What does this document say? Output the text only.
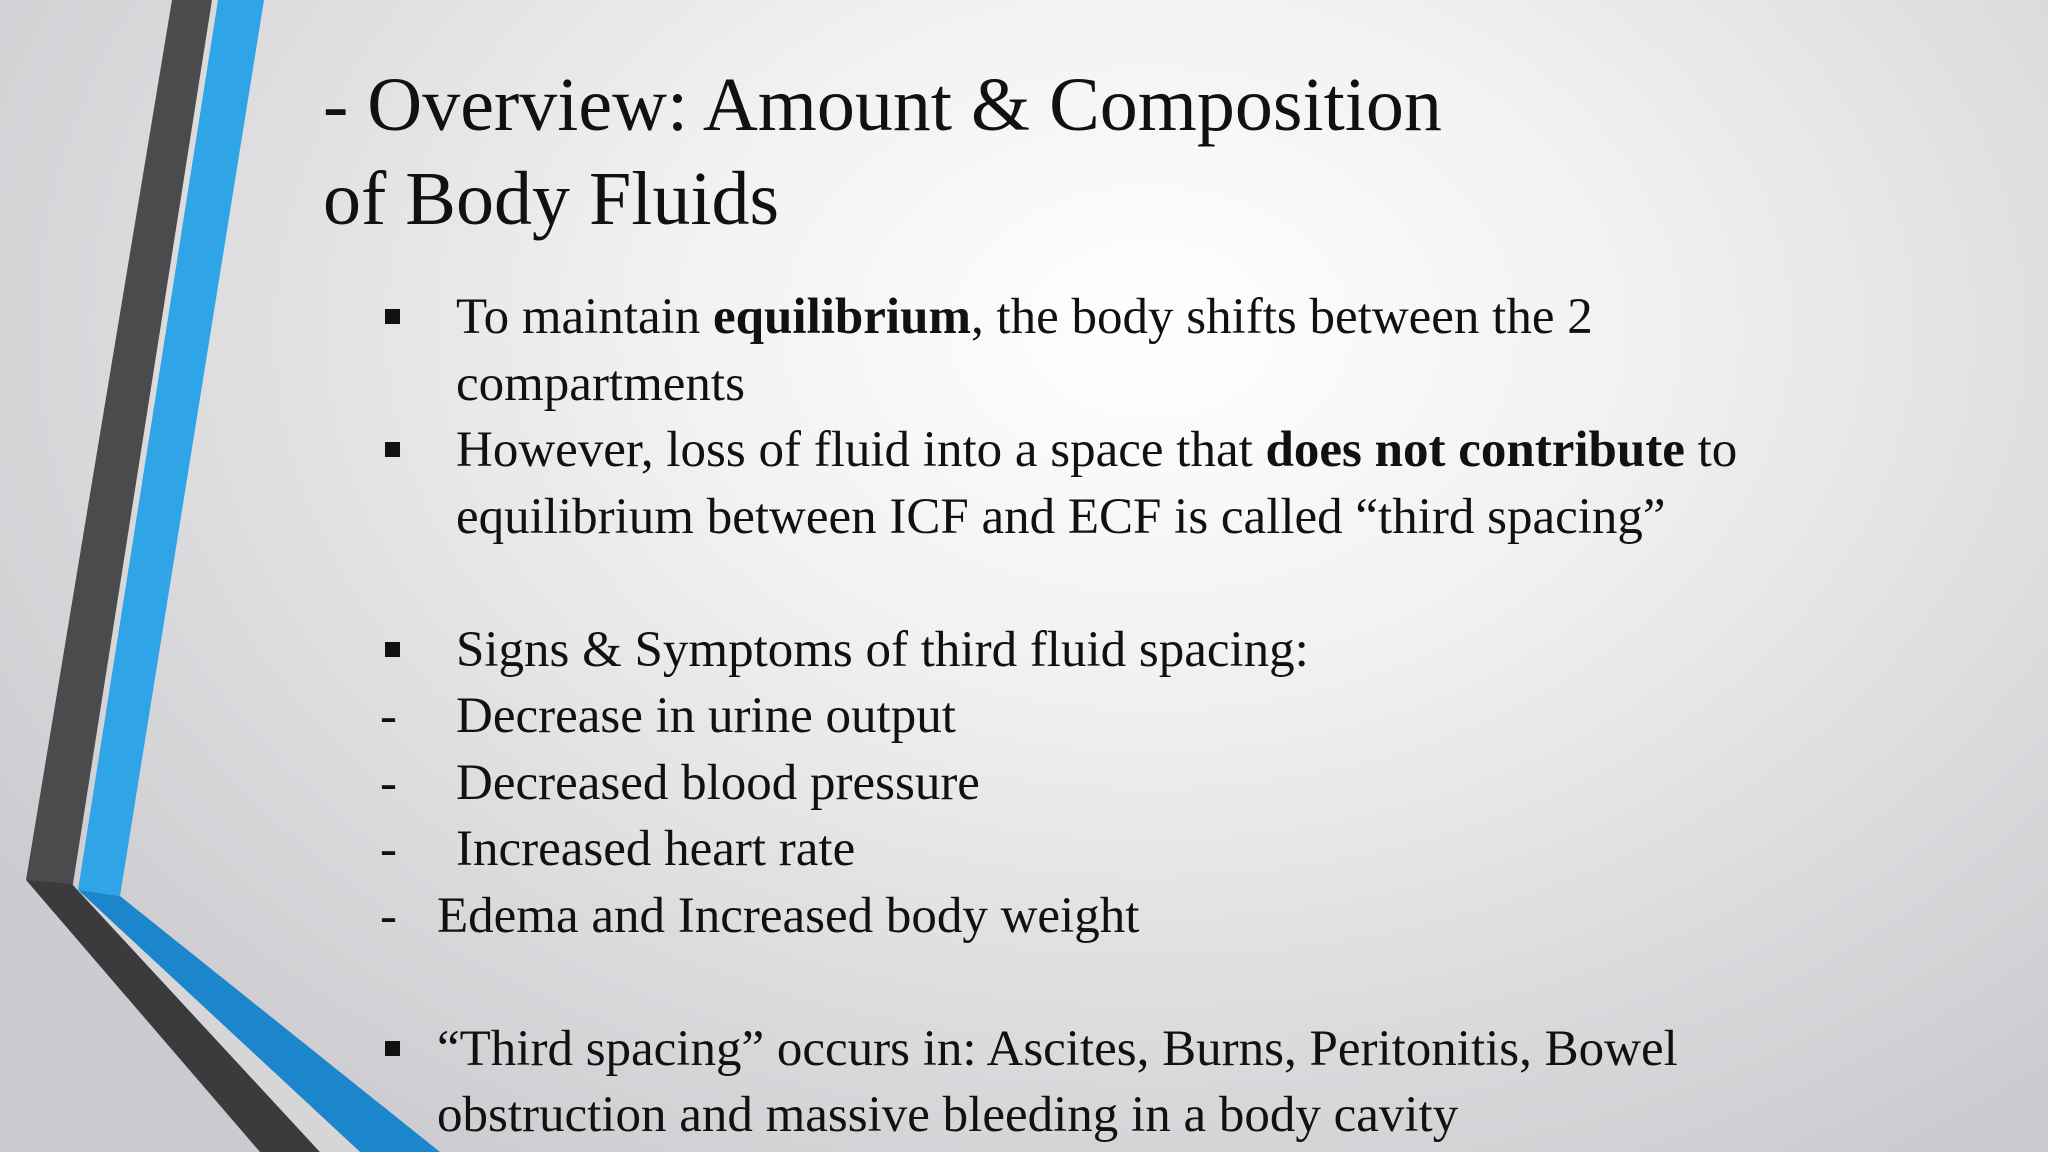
- Overview: Amount & Composition
of Body Fluids
To maintain equilibrium, the body shifts between the 2
compartments
However, loss of fluid into a space that does not contribute to
equilibrium between ICF and ECF is called “third spacing”
Signs & Symptoms of third fluid spacing:
- Decrease in urine output
- Decreased blood pressure
- Increased heart rate
- Edema and Increased body weight
“Third spacing” occurs in: Ascites, Burns, Peritonitis, Bowel
obstruction and massive bleeding in a body cavity
